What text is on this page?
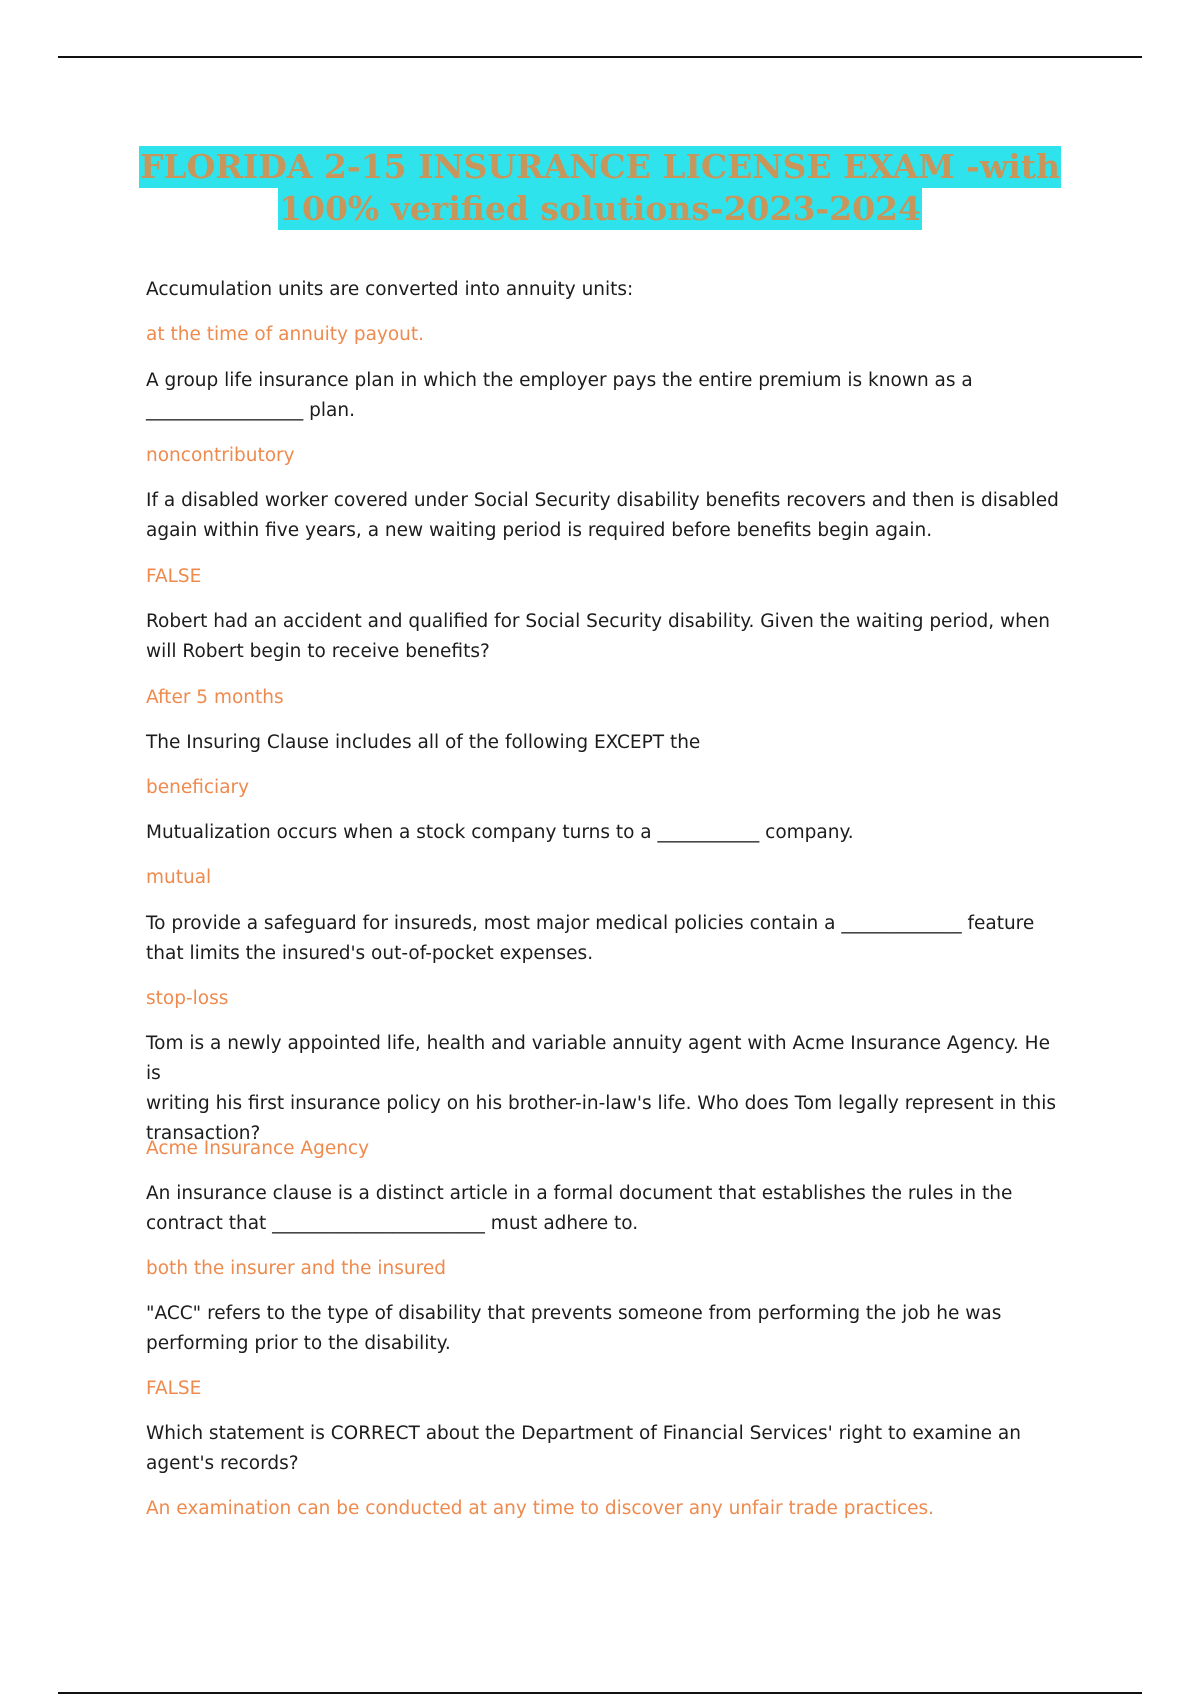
FLORIDA 2-15 INSURANCE LICENSE EXAM -with
100% verified solutions-2023-2024

Accumulation units are converted into annuity units:

at the time of annuity payout.

A group life insurance plan in which the employer pays the entire premium is known as a
_________________ plan.

noncontributory

If a disabled worker covered under Social Security disability benefits recovers and then is disabled
again within five years, a new waiting period is required before benefits begin again.

FALSE

Robert had an accident and qualified for Social Security disability. Given the waiting period, when
will Robert begin to receive benefits?

After 5 months

The Insuring Clause includes all of the following EXCEPT the

beneficiary

Mutualization occurs when a stock company turns to a ___________ company.

mutual

To provide a safeguard for insureds, most major medical policies contain a _____________ feature
that limits the insured's out-of-pocket expenses.

stop-loss

Tom is a newly appointed life, health and variable annuity agent with Acme Insurance Agency. He is
writing his first insurance policy on his brother-in-law's life. Who does Tom legally represent in this
transaction?

Acme Insurance Agency

An insurance clause is a distinct article in a formal document that establishes the rules in the
contract that _______________________ must adhere to.

both the insurer and the insured

"ACC" refers to the type of disability that prevents someone from performing the job he was
performing prior to the disability.

FALSE

Which statement is CORRECT about the Department of Financial Services' right to examine an
agent's records?

An examination can be conducted at any time to discover any unfair trade practices.
